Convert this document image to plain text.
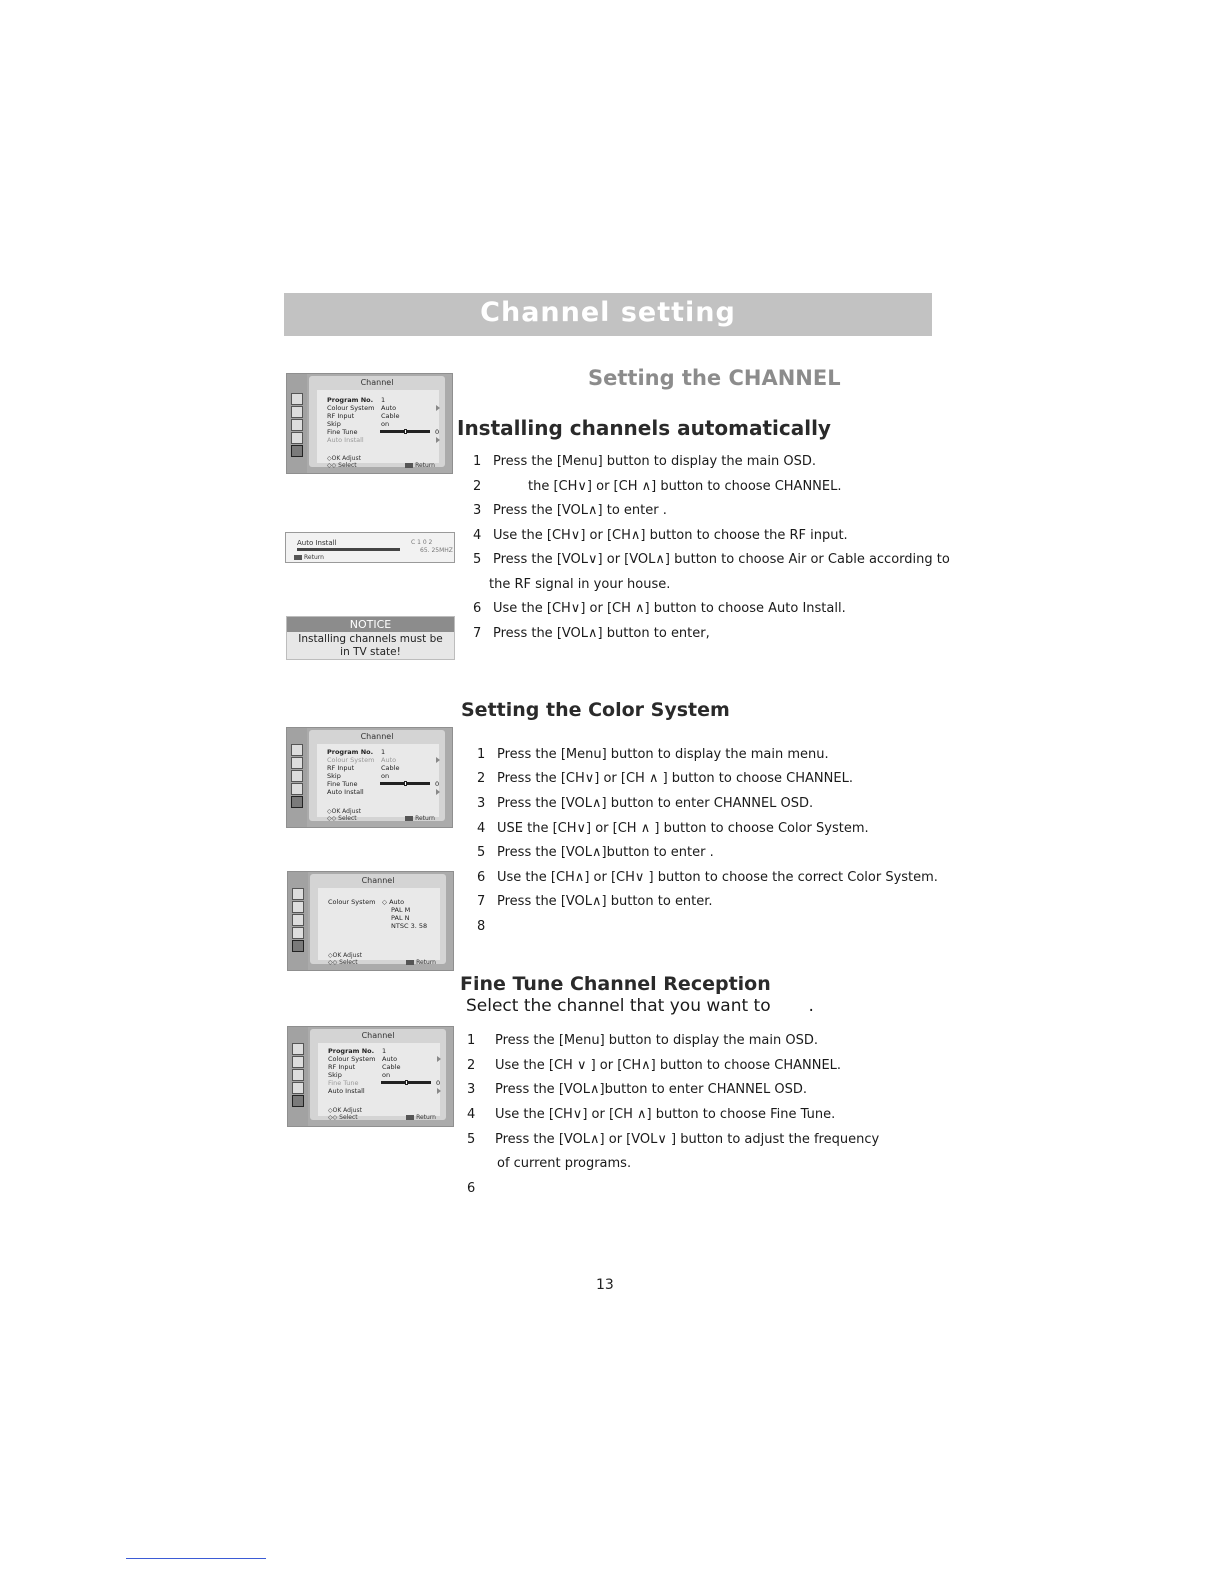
Channel setting
Setting the CHANNEL
Channel
Program No. 1
Colour System Auto
RF Input	Cable
Skip	on
Fine Tune	0
Auto Install
◇OK Adjust
◇◇ Select	Return
Auto Install	C 1 0 2
65. 25MHZ
Return
NOTICE
Installing channels must be
in TV state!
Installing channels automatically
1 Press the [Menu] button to display the main OSD.
2	the [CH∨] or [CH ∧] button to choose CHANNEL.
3 Press the [VOL∧] to enter .
4 Use the [CH∨] or [CH∧] button to choose the RF input.
5 Press the [VOL∨] or [VOL∧] button to choose Air or Cable according to
the RF signal in your house.
6 Use the [CH∨] or [CH ∧] button to choose Auto Install.
7 Press the [VOL∧] button to enter,
Channel
Program No. 1
Colour System Auto
RF Input	Cable
Skip	on
Fine Tune	0
Auto Install
◇OK Adjust
◇◇ Select	Return
Channel
Colour System ◇ Auto
PAL M
PAL N
NTSC 3. 58
◇OK Adjust
◇◇ Select	Return
Setting the Color System
1 Press the [Menu] button to display the main menu.
2 Press the [CH∨] or [CH ∧ ] button to choose CHANNEL.
3 Press the [VOL∧] button to enter CHANNEL OSD.
4 USE the [CH∨] or [CH ∧ ] button to choose Color System.
5 Press the [VOL∧]button to enter .
6 Use the [CH∧] or [CH∨ ] button to choose the correct Color System.
7 Press the [VOL∧] button to enter.
8
Fine Tune Channel Reception
Select the channel that you want to       .
Channel
Program No. 1
Colour System Auto
RF Input	Cable
Skip	on
Fine Tune	0
Auto Install
◇OK Adjust
◇◇ Select	Return
1 Press the [Menu] button to display the main OSD.
2 Use the [CH ∨ ] or [CH∧] button to choose CHANNEL.
3 Press the [VOL∧]button to enter CHANNEL OSD.
4 Use the [CH∨] or [CH ∧] button to choose Fine Tune.
5 Press the [VOL∧] or [VOL∨ ] button to adjust the frequency
of current programs.
6
13
